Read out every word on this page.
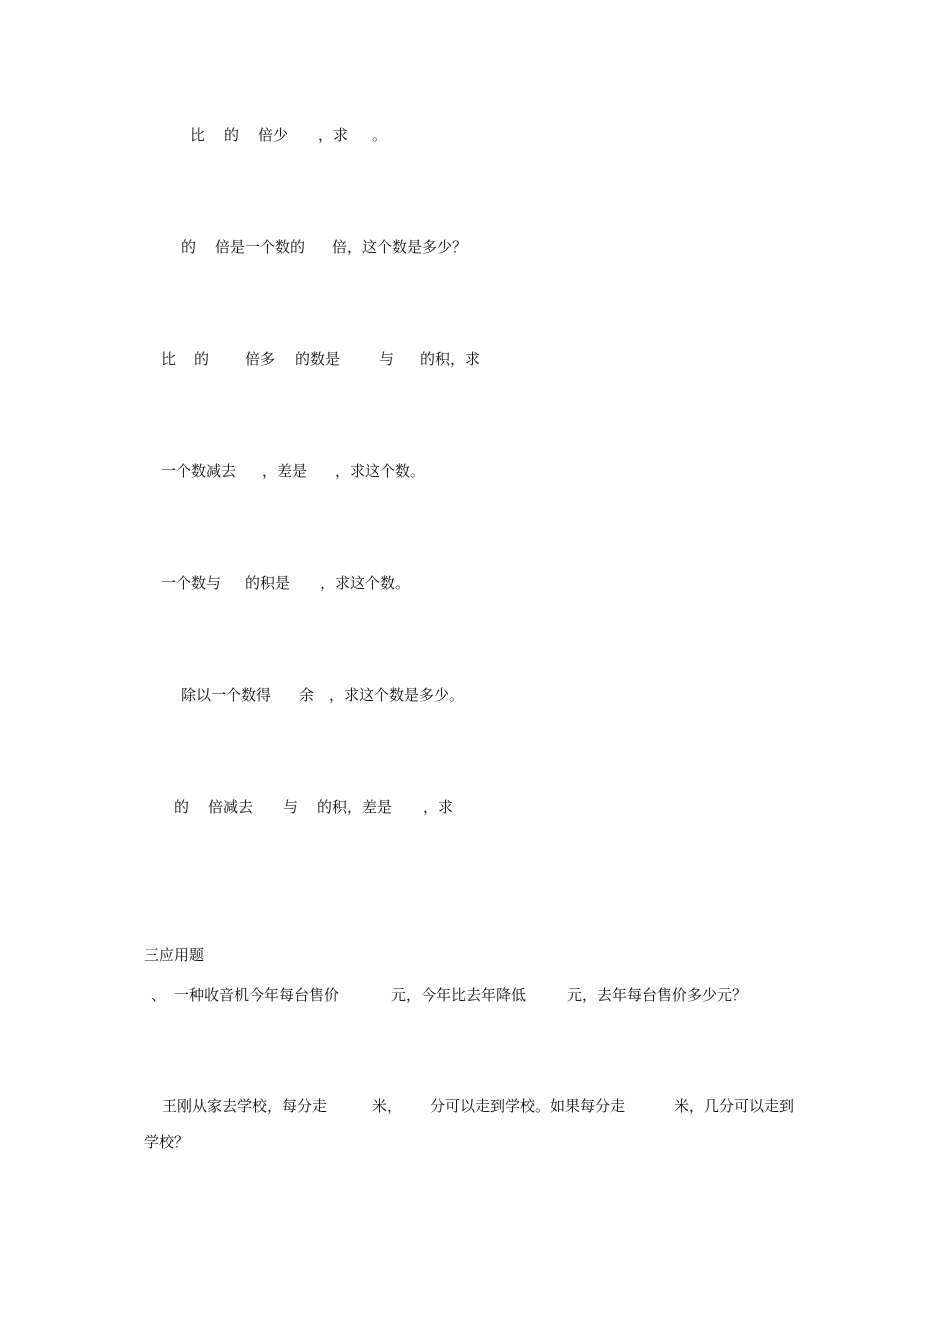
比 的 倍少 ，求 。
的 倍是一个数的 倍，这个数是多少？
比 的 倍多 的数是	与 的积，求
一个数减去 ，差是 ，求这个数。
一个数与 的积是 ，求这个数。
除以一个数得 余 ，求这个数是多少。
的 倍减去 与 的积，差是 ，求
三应用题
、 一种收音机今年每台售价	元，今年比去年降低	元，去年每台售价多少元？
王刚从家去学校，每分走	米， 分可以走到学校。如果每分走	米，几分可以走到
学校？
